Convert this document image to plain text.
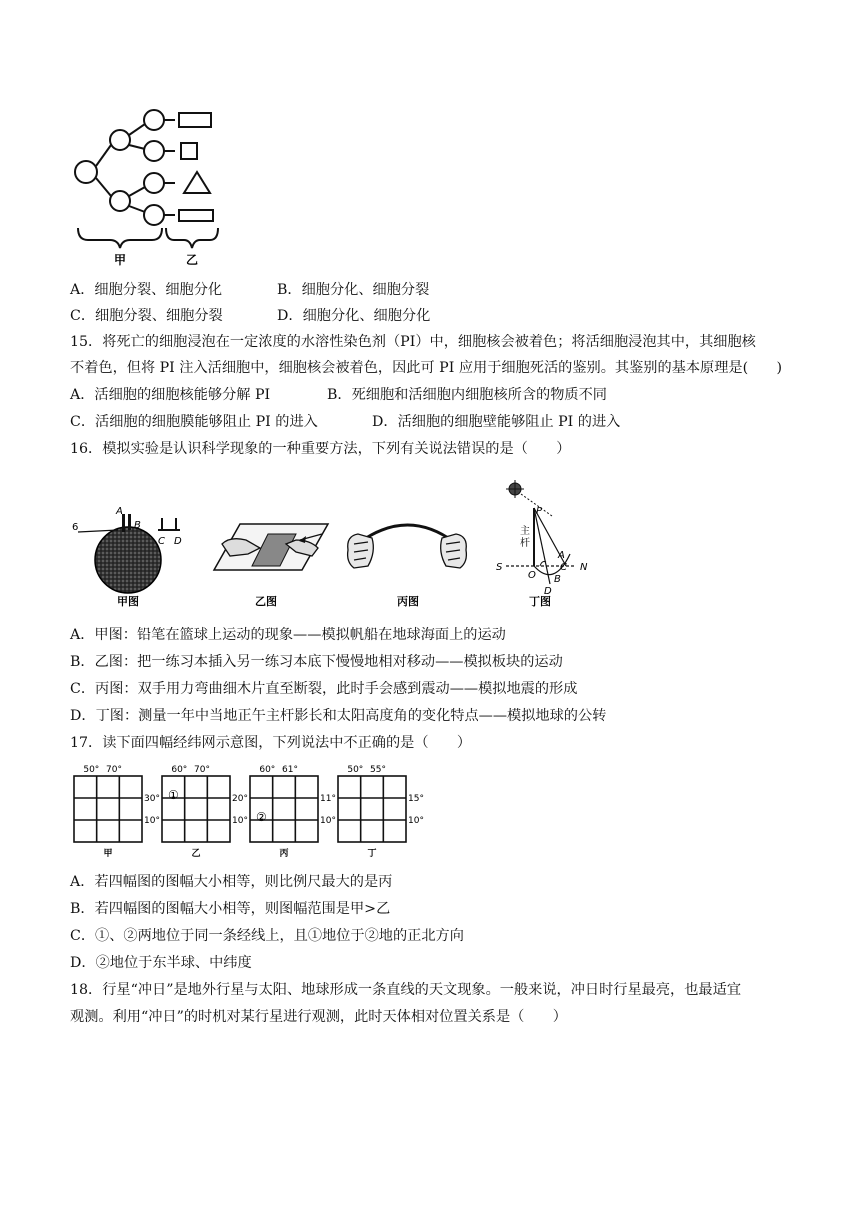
甲	乙
A．细胞分裂、细胞分化	B．细胞分化、细胞分裂
C．细胞分裂、细胞分裂	D．细胞分化、细胞分化
15．将死亡的细胞浸泡在一定浓度的水溶性染色剂（PI）中，细胞核会被着色；将活细胞浸泡其中，其细胞核
不着色，但将 PI 注入活细胞中，细胞核会被着色，因此可 PI 应用于细胞死活的鉴别。其鉴别的基本原理是(　　)
A．活细胞的细胞核能够分解 PI	B．死细胞和活细胞内细胞核所含的物质不同
C．活细胞的细胞膜能够阻止 PI 的进入	D．活细胞的细胞壁能够阻止 PI 的进入
16．模拟实验是认识科学现象的一种重要方法，下列有关说法错误的是（　　）
6
A
B
C D
甲图	乙图	丙图
主杆
P
O
S	N
A
B
C
D
丁图
A．甲图：铅笔在篮球上运动的现象——模拟帆船在地球海面上的运动
B．乙图：把一练习本插入另一练习本底下慢慢地相对移动——模拟板块的运动
C．丙图：双手用力弯曲细木片直至断裂，此时手会感到震动——模拟地震的形成
D．丁图：测量一年中当地正午主杆影长和太阳高度角的变化特点——模拟地球的公转
17．读下面四幅经纬网示意图，下列说法中不正确的是（　　）
50° 70°
30°
10°
甲
60° 70°
20°
10°
①
乙
60° 61°
11°
10°
②
丙
50° 55°
15°
10°
丁
A．若四幅图的图幅大小相等，则比例尺最大的是丙
B．若四幅图的图幅大小相等，则图幅范围是甲>乙
C．①、②两地位于同一条经线上，且①地位于②地的正北方向
D．②地位于东半球、中纬度
18．行星“冲日”是地外行星与太阳、地球形成一条直线的天文现象。一般来说，冲日时行星最亮，也最适宜
观测。利用“冲日”的时机对某行星进行观测，此时天体相对位置关系是（　　）
